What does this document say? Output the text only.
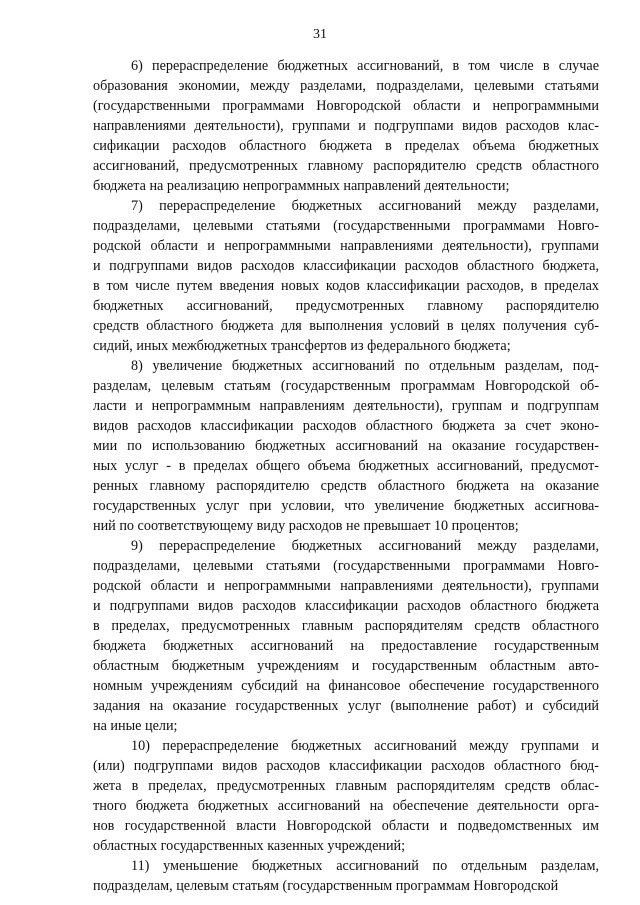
31
6) перераспределение бюджетных ассигнований, в том числе в случае
образования экономии, между разделами, подразделами, целевыми статьями
(государственными программами Новгородской области и непрограммными
направлениями деятельности), группами и подгруппами видов расходов клас-
сификации расходов областного бюджета в пределах объема бюджетных
ассигнований, предусмотренных главному распорядителю средств областного
бюджета на реализацию непрограммных направлений деятельности;
7) перераспределение бюджетных ассигнований между разделами,
подразделами, целевыми статьями (государственными программами Новго-
родской области и непрограммными направлениями деятельности), группами
и подгруппами видов расходов классификации расходов областного бюджета,
в том числе путем введения новых кодов классификации расходов, в пределах
бюджетных ассигнований, предусмотренных главному распорядителю
средств областного бюджета для выполнения условий в целях получения суб-
сидий, иных межбюджетных трансфертов из федерального бюджета;
8) увеличение бюджетных ассигнований по отдельным разделам, под-
разделам, целевым статьям (государственным программам Новгородской об-
ласти и непрограммным направлениям деятельности), группам и подгруппам
видов расходов классификации расходов областного бюджета за счет эконо-
мии по использованию бюджетных ассигнований на оказание государствен-
ных услуг - в пределах общего объема бюджетных ассигнований, предусмот-
ренных главному распорядителю средств областного бюджета на оказание
государственных услуг при условии, что увеличение бюджетных ассигнова-
ний по соответствующему виду расходов не превышает 10 процентов;
9) перераспределение бюджетных ассигнований между разделами,
подразделами, целевыми статьями (государственными программами Новго-
родской области и непрограммными направлениями деятельности), группами
и подгруппами видов расходов классификации расходов областного бюджета
в пределах, предусмотренных главным распорядителям средств областного
бюджета бюджетных ассигнований на предоставление государственным
областным бюджетным учреждениям и государственным областным авто-
номным учреждениям субсидий на финансовое обеспечение государственного
задания на оказание государственных услуг (выполнение работ) и субсидий
на иные цели;
10) перераспределение бюджетных ассигнований между группами и
(или) подгруппами видов расходов классификации расходов областного бюд-
жета в пределах, предусмотренных главным распорядителям средств облас-
тного бюджета бюджетных ассигнований на обеспечение деятельности орга-
нов государственной власти Новгородской области и подведомственных им
областных государственных казенных учреждений;
11) уменьшение бюджетных ассигнований по отдельным разделам,
подразделам, целевым статьям (государственным программам Новгородской
